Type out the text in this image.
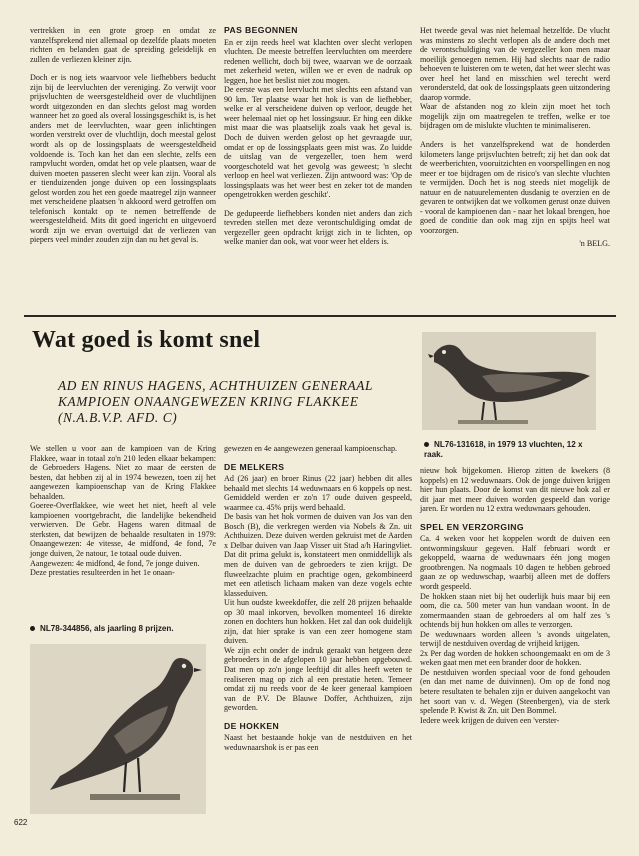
vertrekken in een grote groep en omdat ze vanzelfsprekend niet allemaal op dezelfde plaats moeten richten en belanden gaat de spreiding geleidelijk en zullen de verliezen kleiner zijn.

Doch er is nog iets waarvoor vele liefhebbers beducht zijn bij de leervluchten der vereniging. Zo verwijt voor prijsvluchten de weersgesteldheid over de vluchtlijnen wordt uitgezonden en dan slechts gelost mag worden wanneer het zo goed als overal lossingsgeschikt is, is het anders met de leervluchten, waar geen inlichtingen worden verstrekt over de vluchtlijn, doch meestal gelost wordt als op de lossingsplaats de weersgesteldheid voldoende is. Toch kan het dan een slechte, zelfs een rampvlucht worden, omdat het op vele plaatsen, waar de duiven moeten passeren slecht weer kan zijn. Vooral als er tienduizenden jonge duiven op een lossingsplaats gelost worden zou het een goede maatregel zijn wanneer met verscheidene plaatsen 'n akkoord werd getroffen om telefonisch kontakt op te nemen betreffende de weersgesteldheid. Mits dit goed ingericht en uitgevoerd wordt zijn we ervan overtuigd dat de verliezen van piepers veel minder zouden zijn dan nu het geval is.

PAS BEGONNEN

En er zijn reeds heel wat klachten over slecht verlopen vluchten. De meeste betreffen leervluchten om meerdere redenen wellicht, doch bij twee, waarvan we de oorzaak met zekerheid weten, willen we er even de nadruk op leggen, hoe het beslist niet zou mogen.

De eerste was een leervlucht met slechts een afstand van 90 km. Ter plaatse waar het hok is van de liefhebber, welke er al verscheidene duiven op verloor, deugde het weer helemaal niet op het lossingsuur. Er hing een dikke mist maar die was plaatselijk zoals vaak het geval is. Doch de duiven werden gelost op het gevraagde uur, omdat er op de lossingsplaats geen mist was. Zo luidde de uitslag van de vergezeller, toen hem werd voorgeschoteld wat het gevolg was geweest; 'n slecht verloop en heel wat verliezen. Zijn antwoord was: 'Op de lossingsplaats was het weer best en zeker tot de manden opengetrokken werden geschikt'.

De gedupeerde liefhebbers konden niet anders dan zich tevreden stellen met deze verontschuldiging omdat de vergezeller geen opdracht krijgt zich in te lichten, op welke manier dan ook, wat voor weer het elders is.

Het tweede geval was niet helemaal hetzelfde. De vlucht was minstens zo slecht verlopen als de andere doch met de verontschuldiging van de vergezeller kon men maar moeilijk genoegen nemen. Hij had slechts naar de radio behoeven te luisteren om te weten, dat het weer slecht was over heel het land en misschien wel terecht werd verondersteld, dat ook de lossingsplaats geen uitzondering daarop vormde.

Waar de afstanden nog zo klein zijn moet het toch mogelijk zijn om maatregelen te treffen, welke er toe bijdragen om de mislukte vluchten te minimaliseren.

Anders is het vanzelfsprekend wat de honderden kilometers lange prijsvluchten betreft; zij het dan ook dat de weerberichten, vooruitzichten en voorspellingen en nog meer er toe bijdragen om de risico's van slechte vluchten te vermijden. Doch het is nog steeds niet mogelijk de natuur en de natuurelementen dusdanig te overzien en de gevaren te ontwijken dat we volkomen gerust onze duiven - vooral de kampioenen dan - naar het lokaal brengen, hoe goed de conditie dan ook mag zijn en spijts heel wat voorzorgen.

'n BELG.
Wat goed is komt snel
AD EN RINUS HAGENS, ACHTHUIZEN GENERAAL KAMPIOEN ONAANGEWEZEN KRING FLAKKEE (N.A.B.V.P. AFD. C)
NL76-131618, in 1979 13 vluchten, 12 x raak.

We stellen u voor aan de kampioen van de Kring Flakkee, waar in totaal zo'n 210 leden elkaar bekampen: de Gebroeders Hagens. Niet zo maar de eersten de besten, dat hebben zij al in 1974 bewezen, toen zij het aangewezen kampioenschap van de Kring Flakkee behaalden.

Goeree-Overflakkee, wie weet het niet, heeft al vele kampioenen voortgebracht, die landelijke bekendheid verwierven. De Gebr. Hagens waren ditmaal de sterksten, dat bewijzen de behaalde resultaten in 1979: Onaangewezen: 4e vitesse, 4e midfond, 4e fond, 7e jonge duiven, 2e natour, 1e totaal oude duiven.

Aangewezen: 4e midfond, 4e fond, 7e jonge duiven.

Deze prestaties resulteerden in het 1e onaan-

NL78-344856, als jaarling 8 prijzen.

gewezen en 4e aangewezen generaal kampioenschap.

DE MELKERS

Ad (26 jaar) en broer Rinus (22 jaar) hebben dit alles behaald met slechts 14 weduwnaars en 6 koppels op nest. Gemiddeld werden er zo'n 17 oude duiven gespeeld, waarmee ca. 45% prijs werd behaald.

De basis van het hok vormen de duiven van Jos van den Bosch (B), die verkregen werden via Nobels & Zn. uit Achthuizen. Deze duiven werden gekruist met de Aarden x Delbar duiven van Jaap Visser uit Stad a/h Haringvliet. Dat dit prima gelukt is, konstateert men onmiddellijk als men de duiven van de gebroeders te zien krijgt. De fluweelzachte pluim en prachtige ogen, gekombineerd met een atletisch lichaam maken van deze vogels echte klasseduiven.

Uit hun oudste kweekdoffer, die zelf 28 prijzen behaalde op 30 maal inkorven, bevolken momenteel 16 direkte zonen en dochters hun hokken. Het zal dan ook duidelijk zijn, dat hier sprake is van een zeer homogene stam duiven.

We zijn echt onder de indruk geraakt van hetgeen deze gebroeders in de afgelopen 10 jaar hebben opgebouwd. Dat men op zo'n jonge leeftijd dit alles heeft weten te realiseren mag op zich al een prestatie heten. Temeer omdat zij nu reeds voor de 4e keer generaal kampioen van de P.V. De Blauwe Doffer, Achthuizen, zijn geworden.

DE HOKKEN

Naast het bestaande hokje van de nestduiven en het weduwnaarshok is er pas een

nieuw hok bijgekomen. Hierop zitten de kwekers (8 koppels) en 12 weduwnaars. Ook de jonge duiven krijgen hier hun plaats. Door de komst van dit nieuwe hok zal er dit jaar met meer duiven worden gespeeld dan vorige jaren. Er worden nu 12 extra weduwnaars gehouden.

SPEL EN VERZORGING

Ca. 4 weken voor het koppelen wordt de duiven een ontwormingskuur gegeven. Half februari wordt er gekoppeld, waarna de weduwnaars één jong mogen grootbrengen. Na nogmaals 10 dagen te hebben gebroed gaan ze op weduwschap, waarbij alleen met de doffers wordt gespeeld.

De hokken staan niet bij het ouderlijk huis maar bij een oom, die ca. 500 meter van hun vandaan woont. In de zomermaanden staan de gebroeders al om half zes 's ochtends bij hun hokken om alles te verzorgen.

De weduwnaars worden alleen 's avonds uitgelaten, terwijl de nestduiven overdag de vrijheid krijgen.

2x Per dag worden de hokken schoongemaakt en om de 3 weken gaat men met een brander door de hokken.

De nestduiven worden speciaal voor de fond gehouden (en dan met name de duivinnen). Om op de fond nog betere resultaten te behalen zijn er duiven aangekocht van het soort van v. d. Wegen (Steenbergen), via de sterk spelende P. Kwist & Zn. uit Den Bommel.

Iedere week krijgen de duiven een 'verster-

622
